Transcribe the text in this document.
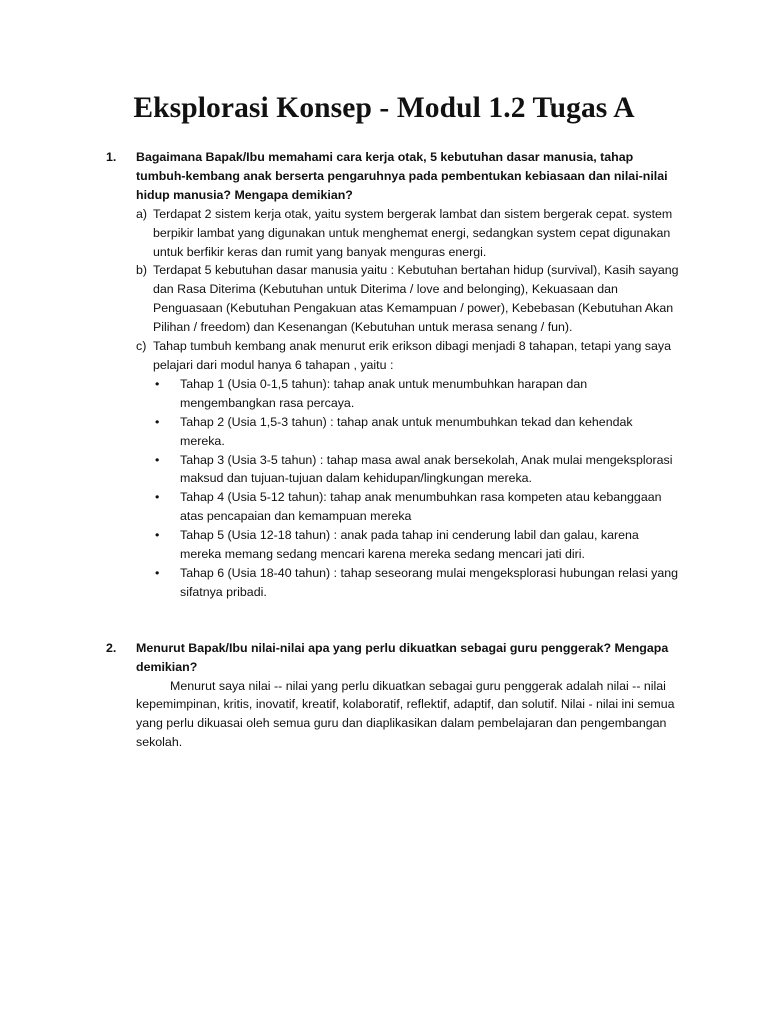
Eksplorasi Konsep - Modul 1.2 Tugas A
1.	Bagaimana Bapak/Ibu memahami cara kerja otak, 5 kebutuhan dasar manusia, tahap tumbuh-kembang anak berserta pengaruhnya pada pembentukan kebiasaan dan nilai-nilai hidup manusia? Mengapa demikian?
a) Terdapat 2 sistem kerja otak, yaitu system bergerak lambat dan sistem bergerak cepat. system berpikir lambat yang digunakan untuk menghemat energi, sedangkan system cepat digunakan untuk berfikir keras dan rumit yang banyak menguras energi.
b) Terdapat 5 kebutuhan dasar manusia yaitu : Kebutuhan bertahan hidup (survival), Kasih sayang dan Rasa Diterima (Kebutuhan untuk Diterima / love and belonging), Kekuasaan dan Penguasaan (Kebutuhan Pengakuan atas Kemampuan / power), Kebebasan (Kebutuhan Akan Pilihan / freedom) dan Kesenangan (Kebutuhan untuk merasa senang / fun).
c) Tahap tumbuh kembang anak menurut erik erikson dibagi menjadi 8 tahapan, tetapi yang saya pelajari dari modul hanya 6 tahapan , yaitu :
•	Tahap 1 (Usia 0-1,5 tahun): tahap anak untuk menumbuhkan harapan dan mengembangkan rasa percaya.
•	Tahap 2 (Usia 1,5-3 tahun) : tahap anak untuk menumbuhkan tekad dan kehendak mereka.
•	Tahap 3 (Usia 3-5 tahun) : tahap masa awal anak bersekolah, Anak mulai mengeksplorasi maksud dan tujuan-tujuan dalam kehidupan/lingkungan mereka.
•	Tahap 4 (Usia 5-12 tahun): tahap anak menumbuhkan rasa kompeten atau kebanggaan atas pencapaian dan kemampuan mereka
•	Tahap 5 (Usia 12-18 tahun) : anak pada tahap ini cenderung labil dan galau, karena mereka memang sedang mencari karena mereka sedang mencari jati diri.
•	Tahap 6 (Usia 18-40 tahun) : tahap seseorang mulai mengeksplorasi hubungan relasi yang sifatnya pribadi.
2.	Menurut Bapak/Ibu nilai-nilai apa yang perlu dikuatkan sebagai guru penggerak? Mengapa demikian?
Menurut saya nilai -- nilai yang perlu dikuatkan sebagai guru penggerak adalah nilai -- nilai kepemimpinan, kritis, inovatif, kreatif, kolaboratif, reflektif, adaptif, dan solutif. Nilai - nilai ini semua yang perlu dikuasai oleh semua guru dan diaplikasikan dalam pembelajaran dan pengembangan sekolah.
